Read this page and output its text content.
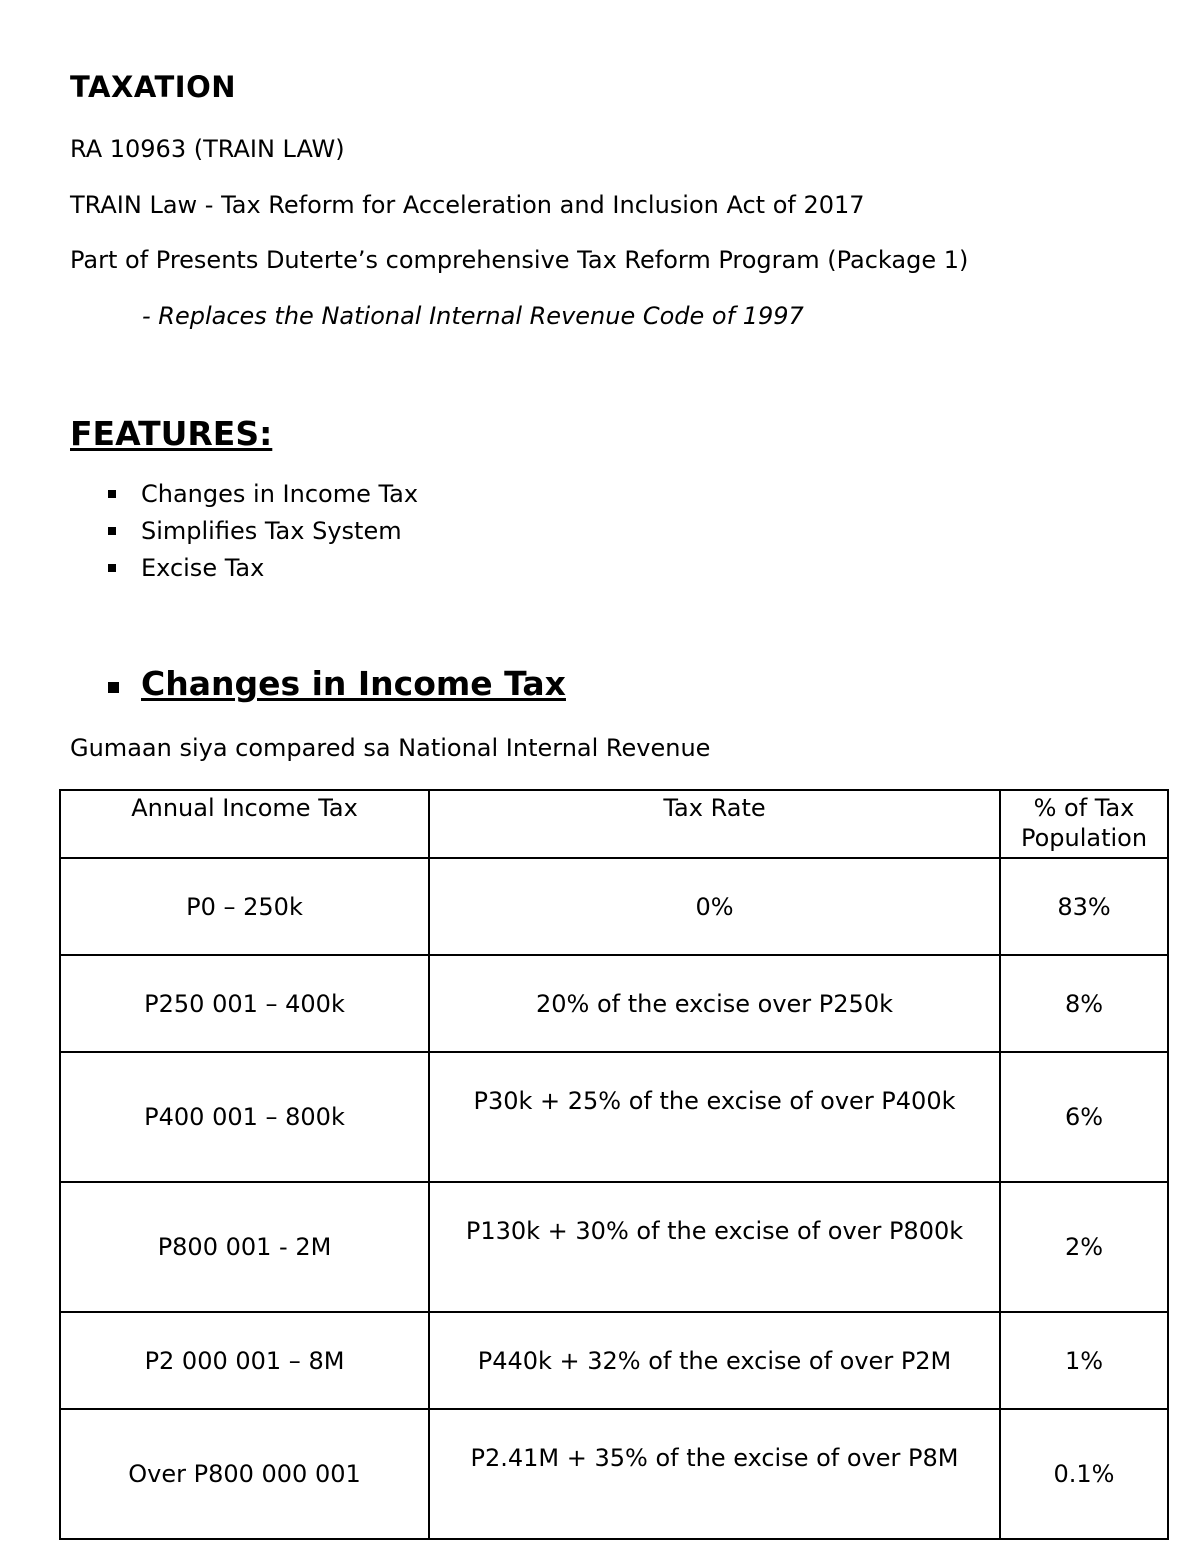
TAXATION
RA 10963 (TRAIN LAW)
TRAIN Law - Tax Reform for Acceleration and Inclusion Act of 2017
Part of Presents Duterte’s comprehensive Tax Reform Program (Package 1)
- Replaces the National Internal Revenue Code of 1997
FEATURES:
Changes in Income Tax
Simplifies Tax System
Excise Tax
Changes in Income Tax
Gumaan siya compared sa National Internal Revenue
Annual Income Tax	Tax Rate	% of Tax Population
P0 – 250k	0%	83%
P250 001 – 400k	20% of the excise over P250k	8%
P400 001 – 800k	P30k + 25% of the excise of over P400k	6%
P800 001 - 2M	P130k + 30% of the excise of over P800k	2%
P2 000 001 – 8M	P440k + 32% of the excise of over P2M	1%
Over P800 000 001	P2.41M + 35% of the excise of over P8M	0.1%
